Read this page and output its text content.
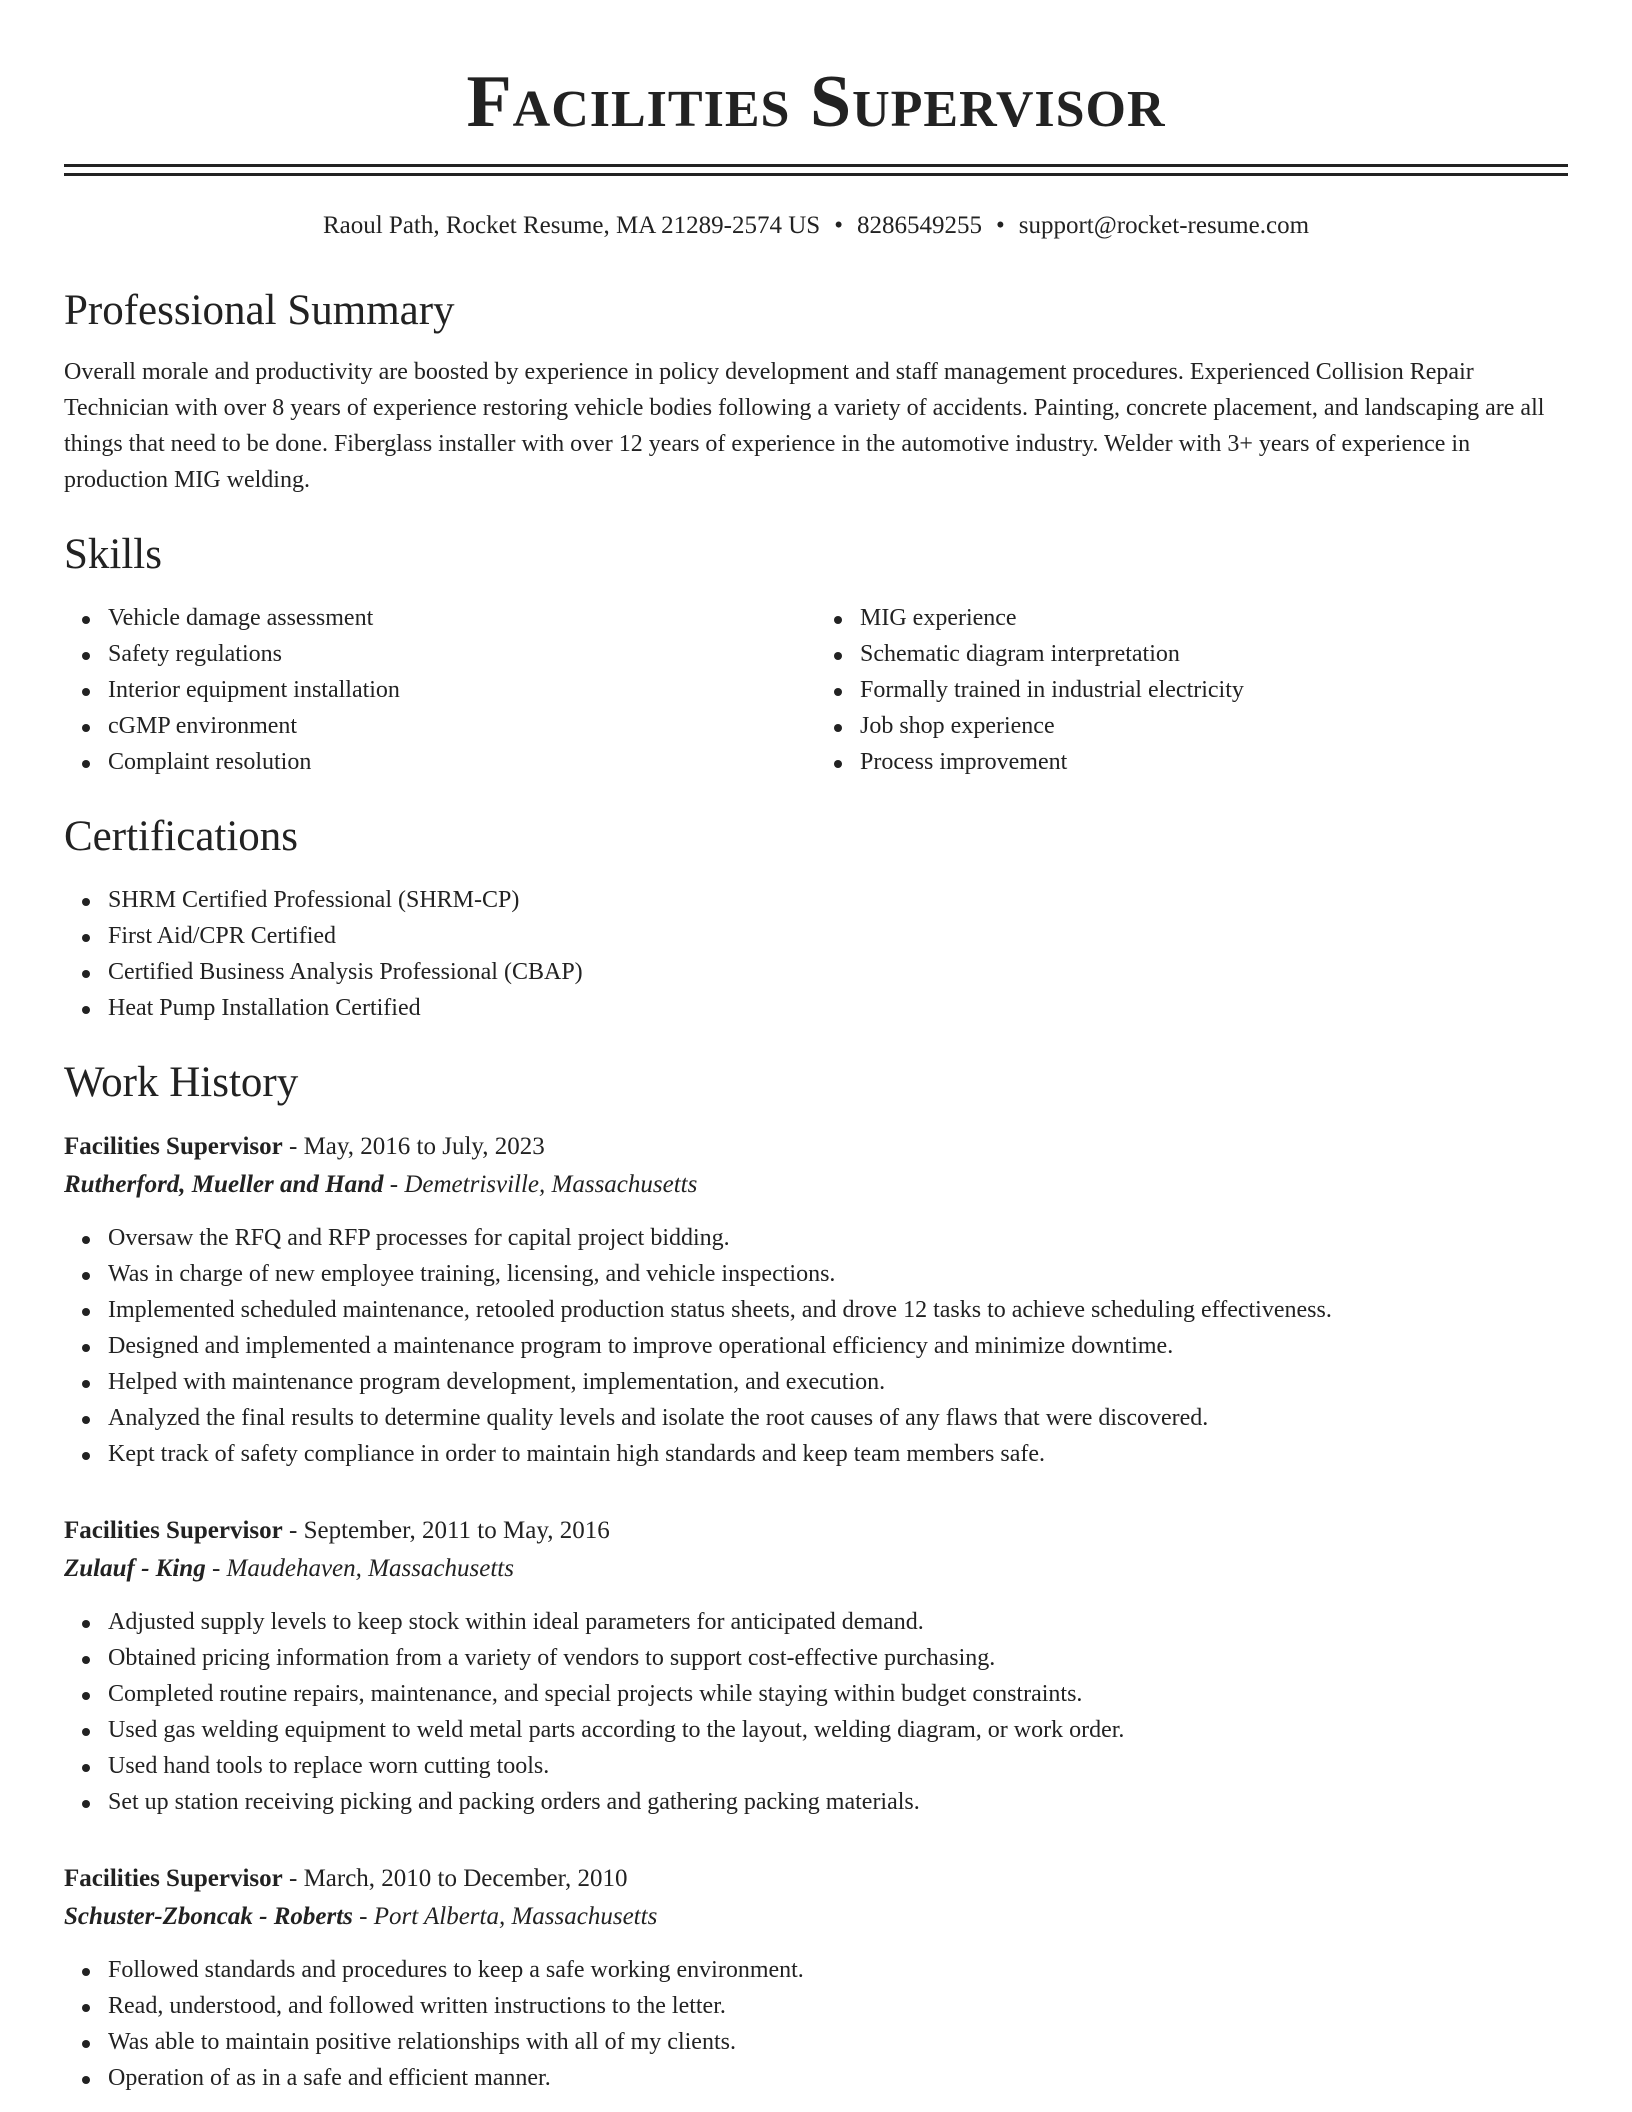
Facilities Supervisor
Raoul Path, Rocket Resume, MA 21289-2574 US • 8286549255 • support@rocket-resume.com
Professional Summary
Overall morale and productivity are boosted by experience in policy development and staff management procedures. Experienced Collision Repair Technician with over 8 years of experience restoring vehicle bodies following a variety of accidents. Painting, concrete placement, and landscaping are all things that need to be done. Fiberglass installer with over 12 years of experience in the automotive industry. Welder with 3+ years of experience in production MIG welding.
Skills
Vehicle damage assessment
Safety regulations
Interior equipment installation
cGMP environment
Complaint resolution
MIG experience
Schematic diagram interpretation
Formally trained in industrial electricity
Job shop experience
Process improvement
Certifications
SHRM Certified Professional (SHRM-CP)
First Aid/CPR Certified
Certified Business Analysis Professional (CBAP)
Heat Pump Installation Certified
Work History
Facilities Supervisor - May, 2016 to July, 2023
Rutherford, Mueller and Hand - Demetrisville, Massachusetts
Oversaw the RFQ and RFP processes for capital project bidding.
Was in charge of new employee training, licensing, and vehicle inspections.
Implemented scheduled maintenance, retooled production status sheets, and drove 12 tasks to achieve scheduling effectiveness.
Designed and implemented a maintenance program to improve operational efficiency and minimize downtime.
Helped with maintenance program development, implementation, and execution.
Analyzed the final results to determine quality levels and isolate the root causes of any flaws that were discovered.
Kept track of safety compliance in order to maintain high standards and keep team members safe.
Facilities Supervisor - September, 2011 to May, 2016
Zulauf - King - Maudehaven, Massachusetts
Adjusted supply levels to keep stock within ideal parameters for anticipated demand.
Obtained pricing information from a variety of vendors to support cost-effective purchasing.
Completed routine repairs, maintenance, and special projects while staying within budget constraints.
Used gas welding equipment to weld metal parts according to the layout, welding diagram, or work order.
Used hand tools to replace worn cutting tools.
Set up station receiving picking and packing orders and gathering packing materials.
Facilities Supervisor - March, 2010 to December, 2010
Schuster-Zboncak - Roberts - Port Alberta, Massachusetts
Followed standards and procedures to keep a safe working environment.
Read, understood, and followed written instructions to the letter.
Was able to maintain positive relationships with all of my clients.
Operation of as in a safe and efficient manner.
